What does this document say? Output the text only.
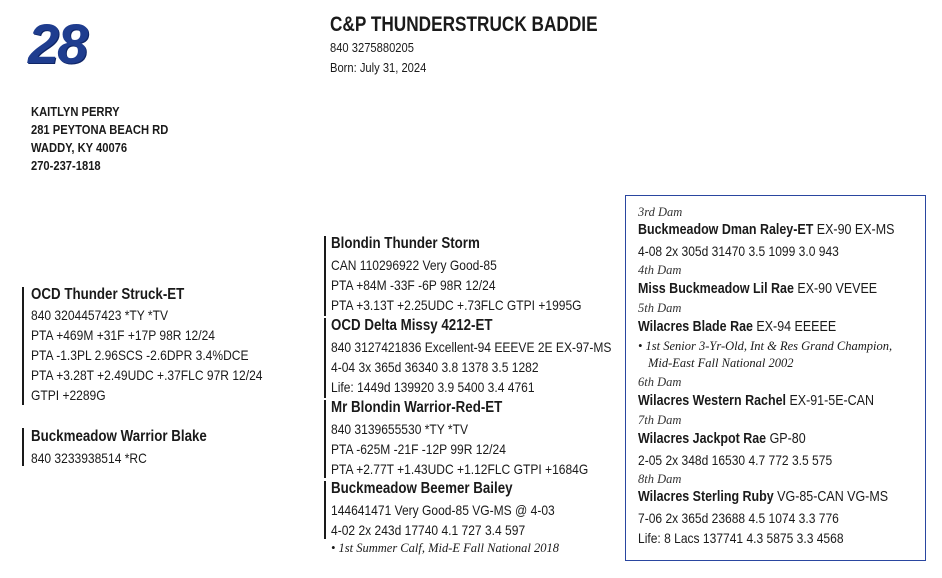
28	C&P THUNDERSTRUCK BADDIE
840 3275880205
Born: July 31, 2024
KAITLYN PERRY
281 PEYTONA BEACH RD
WADDY, KY 40076
270-237-1818
OCD Thunder Struck-ET
840 3204457423 *TY *TV
PTA +469M +31F +17P 98R 12/24
PTA -1.3PL 2.96SCS -2.6DPR 3.4%DCE
PTA +3.28T +2.49UDC +.37FLC 97R 12/24
GTPI +2289G
Buckmeadow Warrior Blake
840 3233938514 *RC
Blondin Thunder Storm
CAN 110296922 Very Good-85
PTA +84M -33F -6P 98R 12/24
PTA +3.13T +2.25UDC +.73FLC GTPI +1995G
OCD Delta Missy 4212-ET
840 3127421836 Excellent-94 EEEVE 2E EX-97-MS
4-04 3x 365d 36340 3.8 1378 3.5 1282
Life: 1449d 139920 3.9 5400 3.4 4761
Mr Blondin Warrior-Red-ET
840 3139655530 *TY *TV
PTA -625M -21F -12P 99R 12/24
PTA +2.77T +1.43UDC +1.12FLC GTPI +1684G
Buckmeadow Beemer Bailey
144641471 Very Good-85 VG-MS @ 4-03
4-02 2x 243d 17740 4.1 727 3.4 597
• 1st Summer Calf, Mid-E Fall National 2018
3rd Dam
Buckmeadow Dman Raley-ET EX-90 EX-MS
4-08 2x 305d 31470 3.5 1099 3.0 943
4th Dam
Miss Buckmeadow Lil Rae EX-90 VEVEE
5th Dam
Wilacres Blade Rae EX-94 EEEEE
• 1st Senior 3-Yr-Old, Int & Res Grand Champion,
Mid-East Fall National 2002
6th Dam
Wilacres Western Rachel EX-91-5E-CAN
7th Dam
Wilacres Jackpot Rae GP-80
2-05 2x 348d 16530 4.7 772 3.5 575
8th Dam
Wilacres Sterling Ruby VG-85-CAN VG-MS
7-06 2x 365d 23688 4.5 1074 3.3 776
Life: 8 Lacs 137741 4.3 5875 3.3 4568
